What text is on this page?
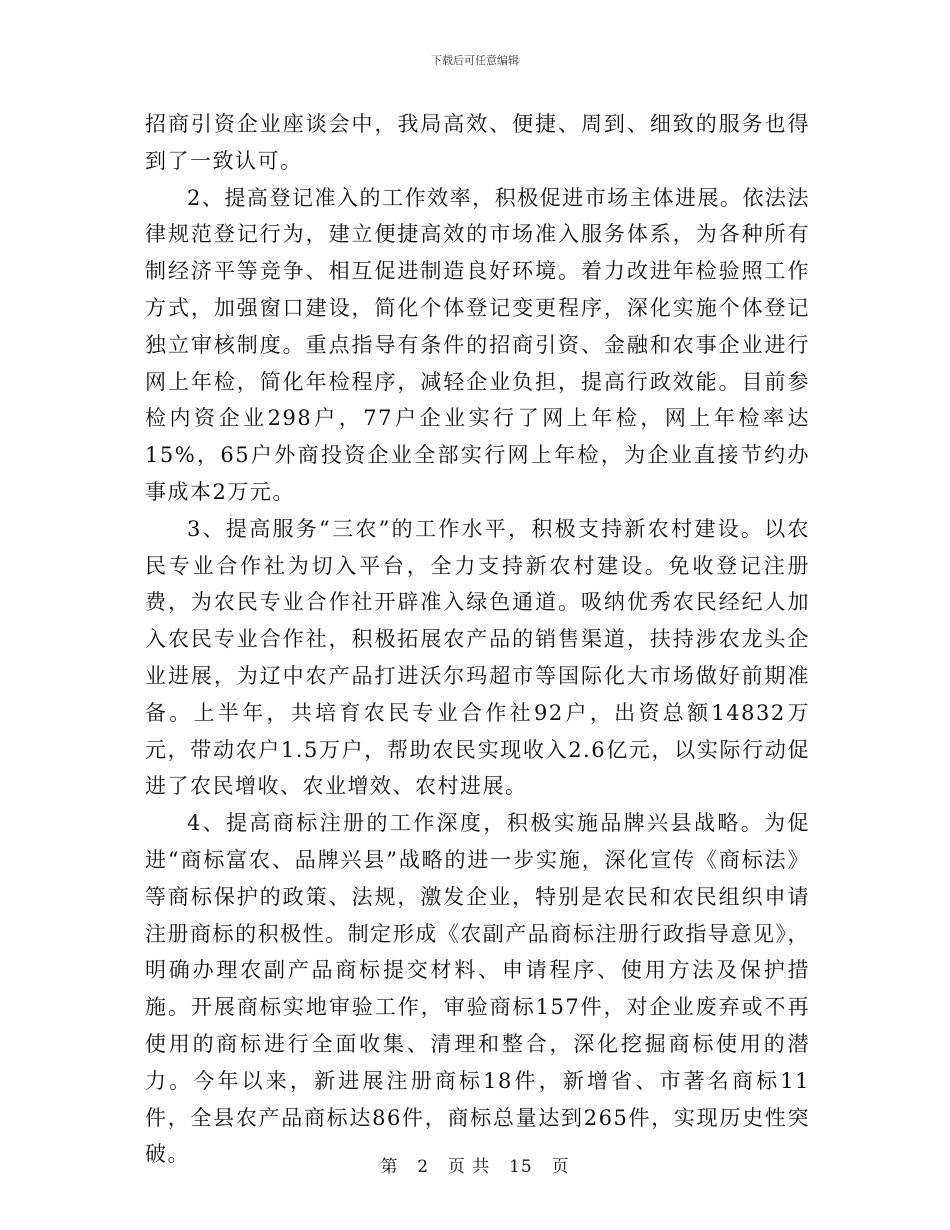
下载后可任意编辑

招商引资企业座谈会中，我局高效、便捷、周到、细致的服务也得到了一致认可。

2、提高登记准入的工作效率，积极促进市场主体进展。依法法律规范登记行为，建立便捷高效的市场准入服务体系，为各种所有制经济平等竞争、相互促进制造良好环境。着力改进年检验照工作方式，加强窗口建设，简化个体登记变更程序，深化实施个体登记独立审核制度。重点指导有条件的招商引资、金融和农事企业进行网上年检，简化年检程序，减轻企业负担，提高行政效能。目前参检内资企业298户，77户企业实行了网上年检，网上年检率达15%，65户外商投资企业全部实行网上年检，为企业直接节约办事成本2万元。

3、提高服务“三农”的工作水平，积极支持新农村建设。以农民专业合作社为切入平台，全力支持新农村建设。免收登记注册费，为农民专业合作社开辟准入绿色通道。吸纳优秀农民经纪人加入农民专业合作社，积极拓展农产品的销售渠道，扶持涉农龙头企业进展，为辽中农产品打进沃尔玛超市等国际化大市场做好前期准备。上半年，共培育农民专业合作社92户，出资总额14832万元，带动农户1.5万户，帮助农民实现收入2.6亿元，以实际行动促进了农民增收、农业增效、农村进展。

4、提高商标注册的工作深度，积极实施品牌兴县战略。为促进“商标富农、品牌兴县”战略的进一步实施，深化宣传《商标法》等商标保护的政策、法规，激发企业，特别是农民和农民组织申请注册商标的积极性。制定形成《农副产品商标注册行政指导意见》，明确办理农副产品商标提交材料、申请程序、使用方法及保护措施。开展商标实地审验工作，审验商标157件，对企业废弃或不再使用的商标进行全面收集、清理和整合，深化挖掘商标使用的潜力。今年以来，新进展注册商标18件，新增省、市著名商标11件，全县农产品商标达86件，商标总量达到265件，实现历史性突破。

第 2 页 共 15 页
